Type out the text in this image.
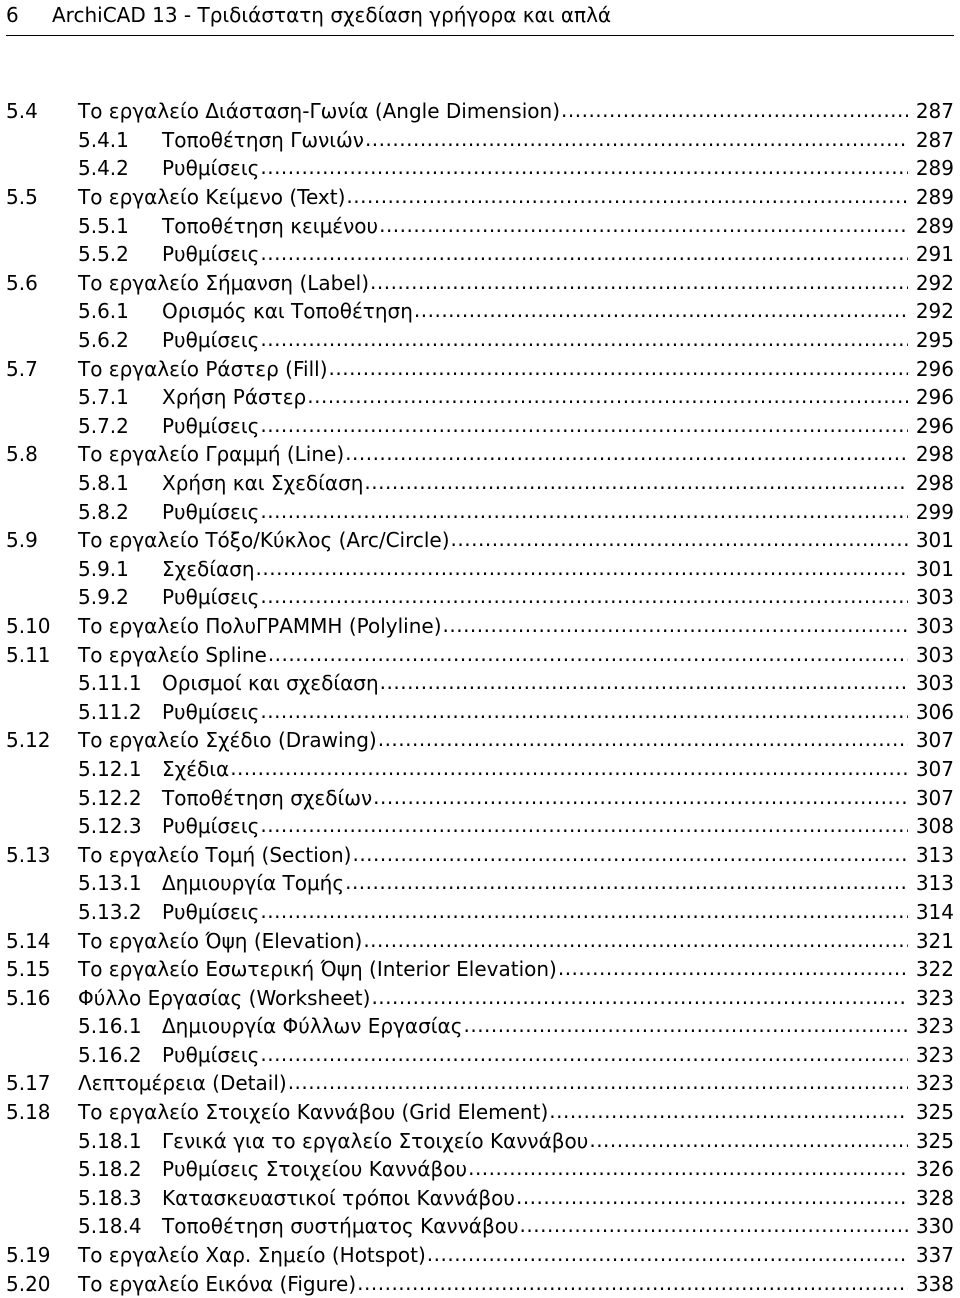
6 ArchiCAD 13 - Τριδιάστατη σχεδίαση γρήγορα και απλά
5.4	Το εργαλείο Διάσταση-Γωνία (Angle Dimension) .....	287
5.4.1	Τοποθέτηση Γωνιών .....	287
5.4.2	Ρυθμίσεις .....	289
5.5	Το εργαλείο Κείμενο (Text) .....	289
5.5.1	Τοποθέτηση κειμένου .....	289
5.5.2	Ρυθμίσεις .....	291
5.6	Το εργαλείο Σήμανση (Label) .....	292
5.6.1	Ορισμός και Τοποθέτηση .....	292
5.6.2	Ρυθμίσεις .....	295
5.7	Το εργαλείο Ράστερ (Fill) .....	296
5.7.1	Χρήση Ράστερ .....	296
5.7.2	Ρυθμίσεις .....	296
5.8	Το εργαλείο Γραμμή (Line) .....	298
5.8.1	Χρήση και Σχεδίαση .....	298
5.8.2	Ρυθμίσεις .....	299
5.9	Το εργαλείο Τόξο/Κύκλος (Arc/Circle) .....	301
5.9.1	Σχεδίαση .....	301
5.9.2	Ρυθμίσεις .....	303
5.10	Το εργαλείο ΠολυΓΡΑΜΜΗ (Polyline) .....	303
5.11	Το εργαλείο Spline .....	303
5.11.1	Ορισμοί και σχεδίαση .....	303
5.11.2	Ρυθμίσεις .....	306
5.12	Το εργαλείο Σχέδιο (Drawing) .....	307
5.12.1	Σχέδια .....	307
5.12.2	Τοποθέτηση σχεδίων .....	307
5.12.3	Ρυθμίσεις .....	308
5.13	Το εργαλείο Τομή (Section) .....	313
5.13.1	Δημιουργία Τομής .....	313
5.13.2	Ρυθμίσεις .....	314
5.14	Το εργαλείο Όψη (Elevation) .....	321
5.15	Το εργαλείο Εσωτερική Όψη (Interior Elevation) .....	322
5.16	Φύλλο Εργασίας (Worksheet) .....	323
5.16.1	Δημιουργία Φύλλων Εργασίας .....	323
5.16.2	Ρυθμίσεις .....	323
5.17	Λεπτομέρεια (Detail) .....	323
5.18	Το εργαλείο Στοιχείο Καννάβου (Grid Element) .....	325
5.18.1	Γενικά για το εργαλείο Στοιχείο Καννάβου .....	325
5.18.2	Ρυθμίσεις Στοιχείου Καννάβου .....	326
5.18.3	Κατασκευαστικοί τρόποι Καννάβου .....	328
5.18.4	Τοποθέτηση συστήματος Καννάβου .....	330
5.19	Το εργαλείο Χαρ. Σημείο (Hotspot) .....	337
5.20	Το εργαλείο Εικόνα (Figure) .....	338
